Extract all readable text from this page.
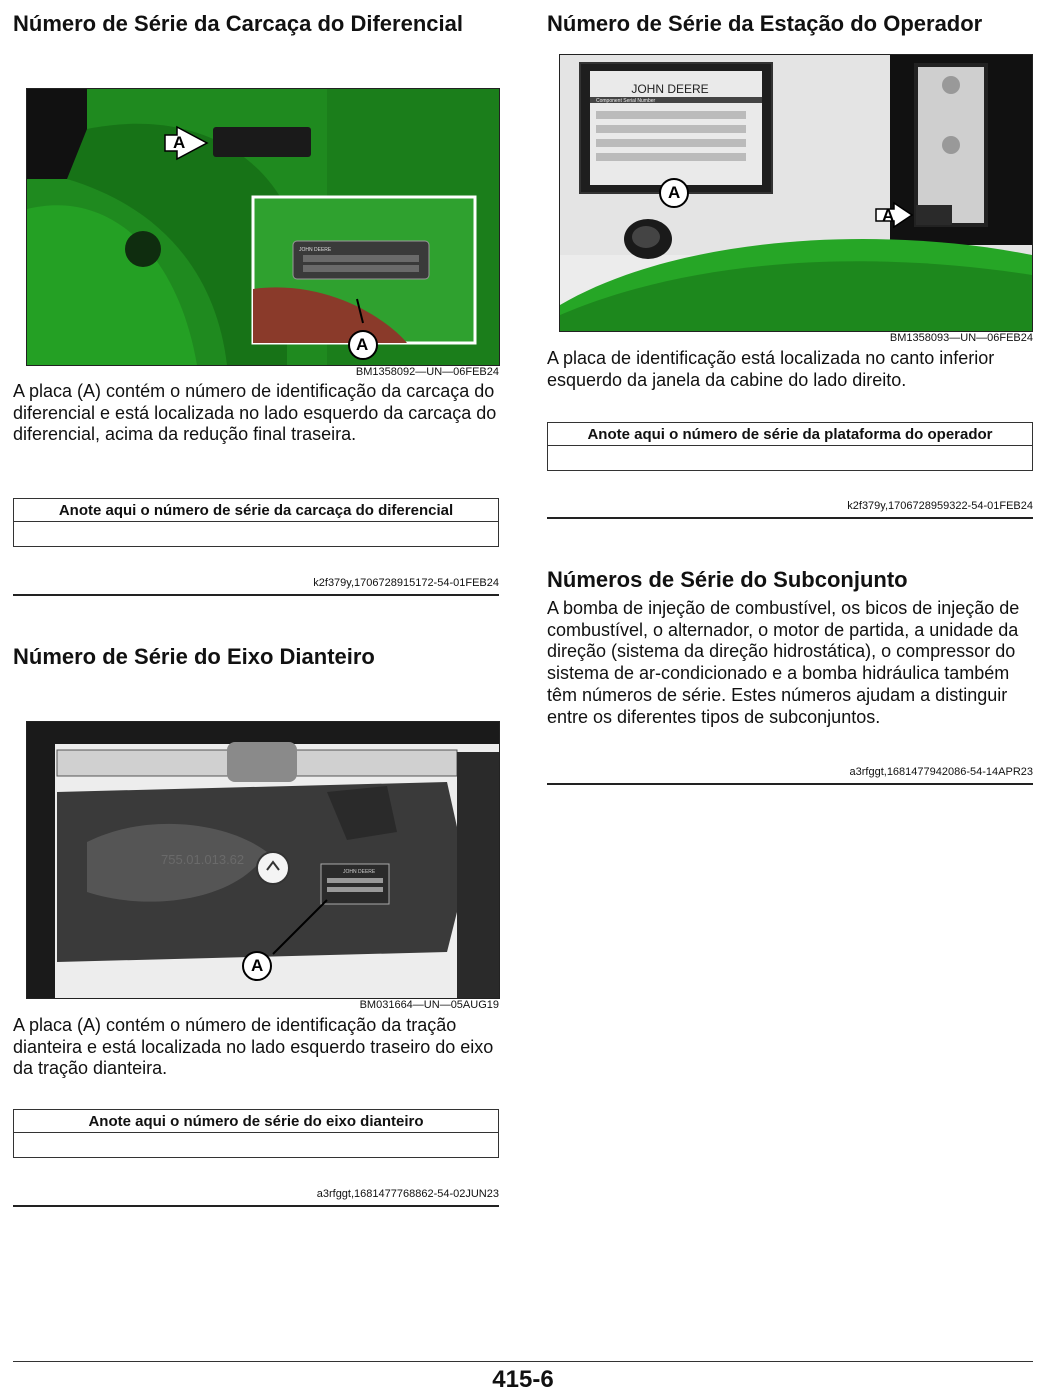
Número de Série da Carcaça do Diferencial
JOHN DEERE
A
A
BM1358092—UN—06FEB24

A placa (A) contém o número de identificação da carcaça do diferencial e está localizada no lado esquerdo da carcaça do diferencial, acima da redução final traseira.

Anote aqui o número de série da carcaça do diferencial

k2f379y,1706728915172-54-01FEB24
Número de Série do Eixo Dianteiro
JOHN DEERE
755.01.013.62
A
BM031664—UN—05AUG19

A placa (A) contém o número de identificação da tração dianteira e está localizada no lado esquerdo traseiro do eixo da tração dianteira.

Anote aqui o número de série do eixo dianteiro

a3rfggt,1681477768862-54-02JUN23
Número de Série da Estação do Operador
JOHN DEERE
Component Serial Number
A
A
BM1358093—UN—06FEB24

A placa de identificação está localizada no canto inferior esquerdo da janela da cabine do lado direito.

Anote aqui o número de série da plataforma do operador

k2f379y,1706728959322-54-01FEB24
Números de Série do Subconjunto

A bomba de injeção de combustível, os bicos de injeção de combustível, o alternador, o motor de partida, a unidade da direção (sistema da direção hidrostática), o compressor do sistema de ar-condicionado e a bomba hidráulica também têm números de série. Estes números ajudam a distinguir entre os diferentes tipos de subconjuntos.

a3rfggt,1681477942086-54-14APR23
415-6
